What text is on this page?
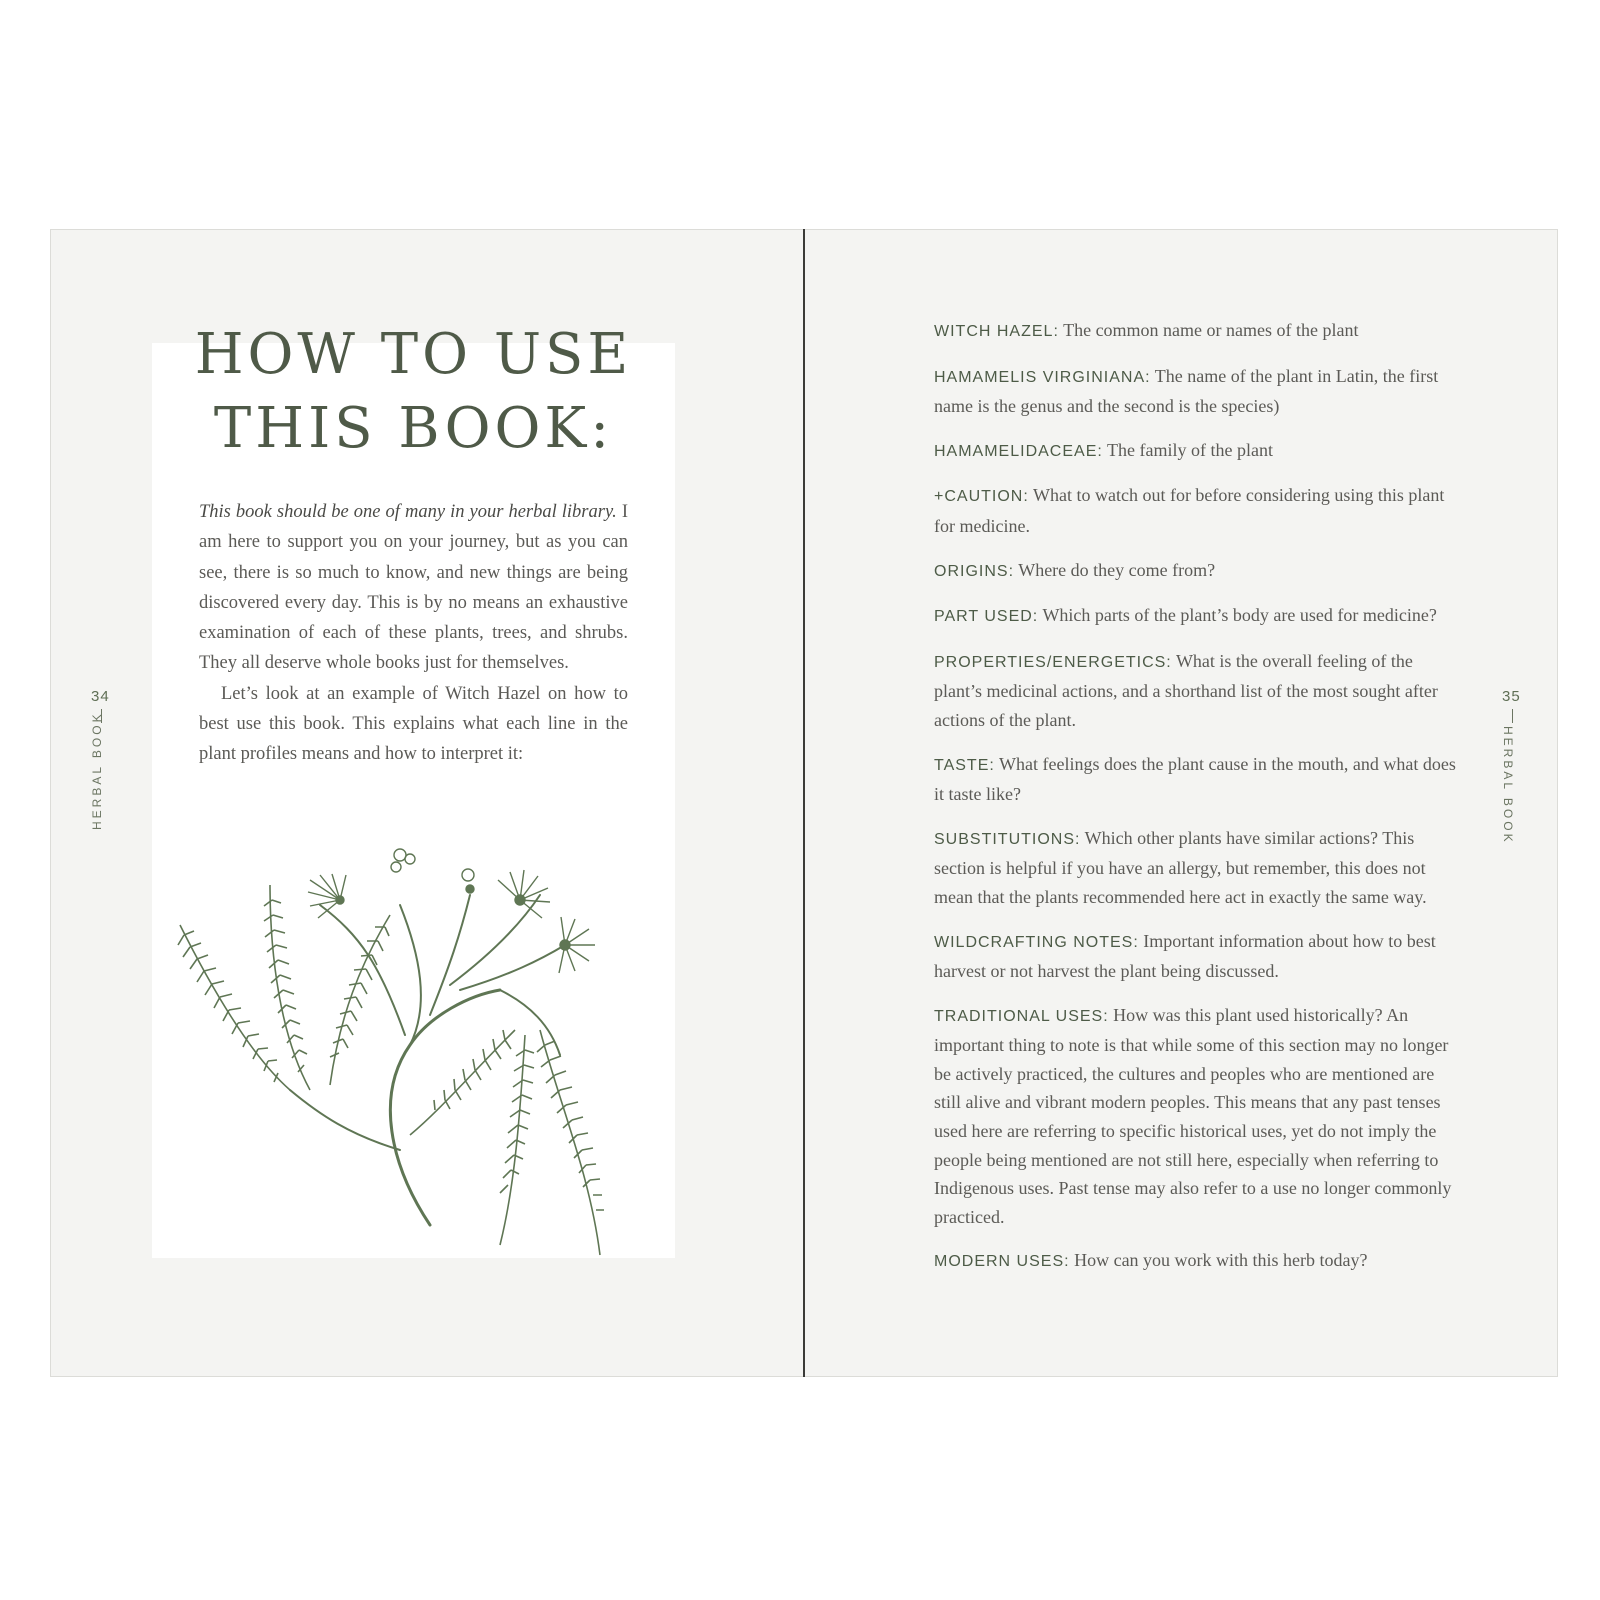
34
HERBAL BOOK
HOW TO USE
THIS BOOK:

This book should be one of many in your herbal library. I am here to support you on your journey, but as you can see, there is so much to know, and new things are being discovered every day. This is by no means an exhaustive examination of each of these plants, trees, and shrubs. They all deserve whole books just for themselves.

Let’s look at an example of Witch Hazel on how to best use this book. This explains what each line in the plant profiles means and how to interpret it:

35
HERBAL BOOK

WITCH HAZEL: The common name or names of the plant

HAMAMELIS VIRGINIANA: The name of the plant in Latin, the first name is the genus and the second is the species)

HAMAMELIDACEAE: The family of the plant

+CAUTION: What to watch out for before considering using this plant for medicine.

ORIGINS: Where do they come from?

PART USED: Which parts of the plant’s body are used for medicine?

PROPERTIES/ENERGETICS: What is the overall feeling of the plant’s medicinal actions, and a shorthand list of the most sought after actions of the plant.

TASTE: What feelings does the plant cause in the mouth, and what does it taste like?

SUBSTITUTIONS: Which other plants have similar actions? This section is helpful if you have an allergy, but remember, this does not mean that the plants recommended here act in exactly the same way.

WILDCRAFTING NOTES: Important information about how to best harvest or not harvest the plant being discussed.

TRADITIONAL USES: How was this plant used historically? An important thing to note is that while some of this section may no longer be actively practiced, the cultures and peoples who are mentioned are still alive and vibrant modern peoples. This means that any past tenses used here are referring to specific historical uses, yet do not imply the people being mentioned are not still here, especially when referring to Indigenous uses. Past tense may also refer to a use no longer commonly practiced.

MODERN USES: How can you work with this herb today?
